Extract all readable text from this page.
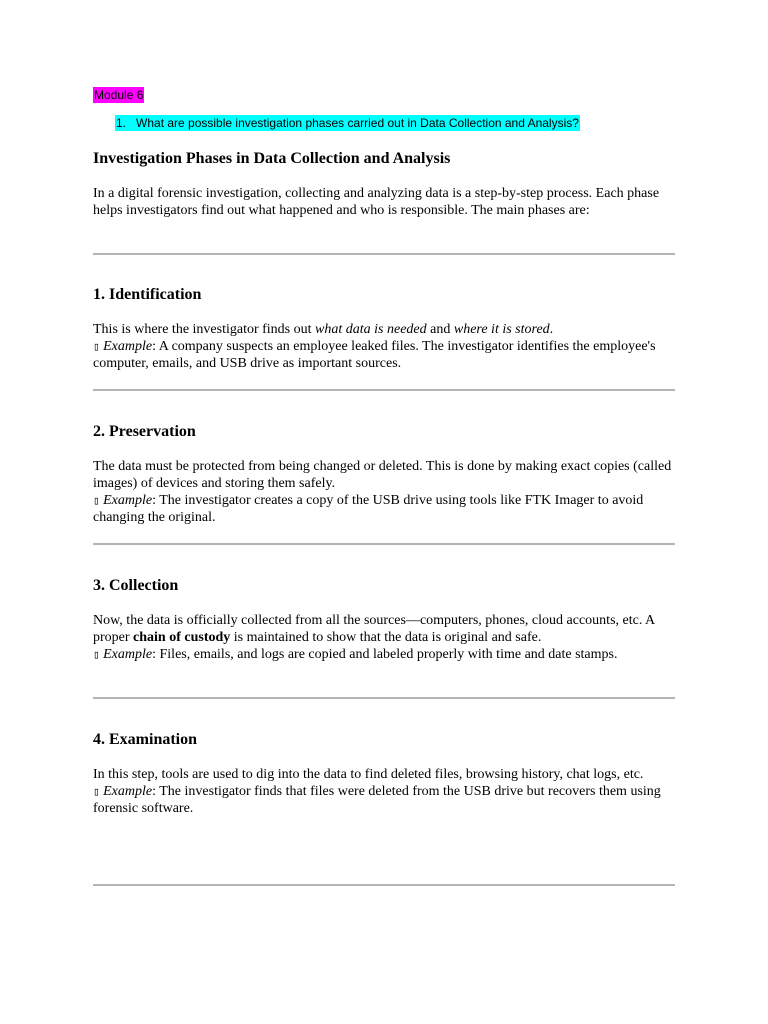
Module 6
1. What are possible investigation phases carried out in Data Collection and Analysis?
Investigation Phases in Data Collection and Analysis

In a digital forensic investigation, collecting and analyzing data is a step-by-step process. Each phase helps investigators find out what happened and who is responsible. The main phases are:

1. Identification

This is where the investigator finds out what data is needed and where it is stored.
▯ Example: A company suspects an employee leaked files. The investigator identifies the employee's computer, emails, and USB drive as important sources.

2. Preservation

The data must be protected from being changed or deleted. This is done by making exact copies (called images) of devices and storing them safely.
▯ Example: The investigator creates a copy of the USB drive using tools like FTK Imager to avoid changing the original.

3. Collection

Now, the data is officially collected from all the sources—computers, phones, cloud accounts, etc. A proper chain of custody is maintained to show that the data is original and safe.
▯ Example: Files, emails, and logs are copied and labeled properly with time and date stamps.

4. Examination

In this step, tools are used to dig into the data to find deleted files, browsing history, chat logs, etc.
▯ Example: The investigator finds that files were deleted from the USB drive but recovers them using forensic software.
